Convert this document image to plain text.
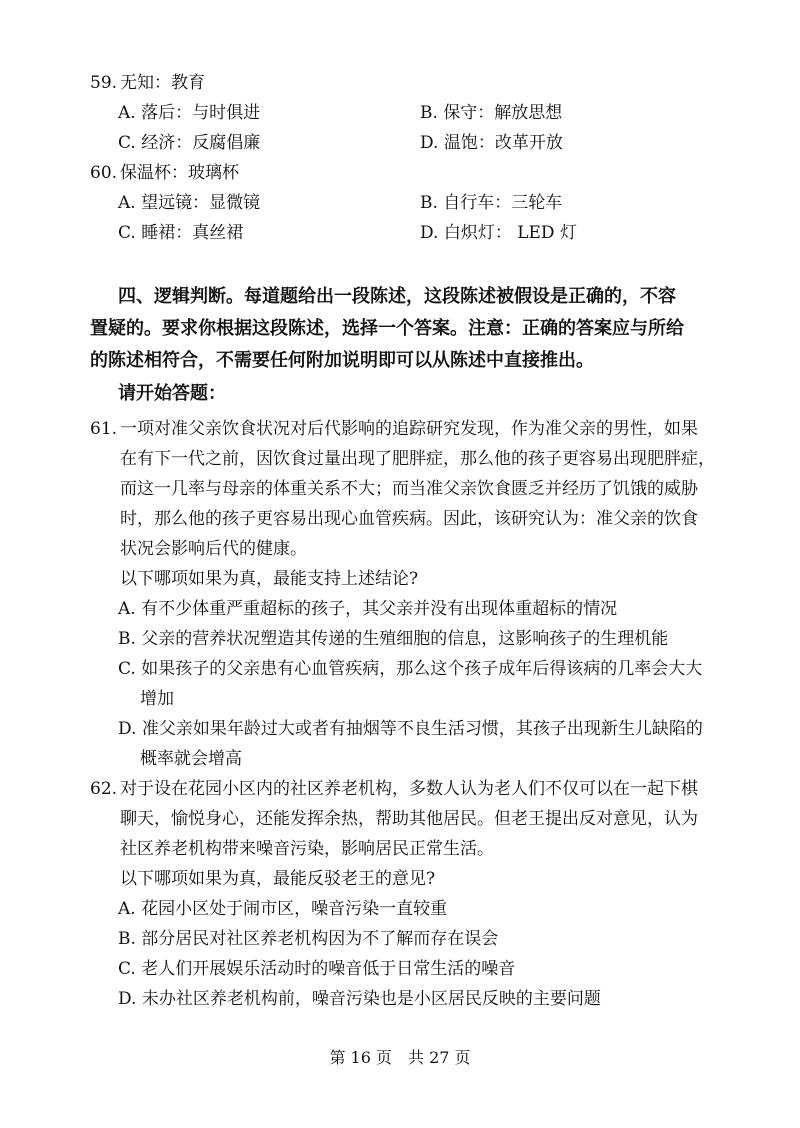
59. 无知：教育
A. 落后：与时俱进	B. 保守：解放思想
C. 经济：反腐倡廉	D. 温饱：改革开放
60. 保温杯：玻璃杯
A. 望远镜：显微镜	B. 自行车：三轮车
C. 睡裙：真丝裙	D. 白炽灯： LED 灯
四、逻辑判断。每道题给出一段陈述，这段陈述被假设是正确的，不容
置疑的。要求你根据这段陈述，选择一个答案。注意：正确的答案应与所给
的陈述相符合，不需要任何附加说明即可以从陈述中直接推出。
请开始答题：
61. 一项对准父亲饮食状况对后代影响的追踪研究发现，作为准父亲的男性，如果
在有下一代之前，因饮食过量出现了肥胖症，那么他的孩子更容易出现肥胖症，
而这一几率与母亲的体重关系不大；而当准父亲饮食匮乏并经历了饥饿的威胁
时，那么他的孩子更容易出现心血管疾病。因此，该研究认为：准父亲的饮食
状况会影响后代的健康。
以下哪项如果为真，最能支持上述结论?
A. 有不少体重严重超标的孩子，其父亲并没有出现体重超标的情况
B. 父亲的营养状况塑造其传递的生殖细胞的信息，这影响孩子的生理机能
C. 如果孩子的父亲患有心血管疾病，那么这个孩子成年后得该病的几率会大大
增加
D. 准父亲如果年龄过大或者有抽烟等不良生活习惯，其孩子出现新生儿缺陷的
概率就会增高
62. 对于设在花园小区内的社区养老机构，多数人认为老人们不仅可以在一起下棋
聊天，愉悦身心，还能发挥余热，帮助其他居民。但老王提出反对意见，认为
社区养老机构带来噪音污染，影响居民正常生活。
以下哪项如果为真，最能反驳老王的意见?
A. 花园小区处于闹市区，噪音污染一直较重
B. 部分居民对社区养老机构因为不了解而存在误会
C. 老人们开展娱乐活动时的噪音低于日常生活的噪音
D. 未办社区养老机构前，噪音污染也是小区居民反映的主要问题
第 16 页　共 27 页
